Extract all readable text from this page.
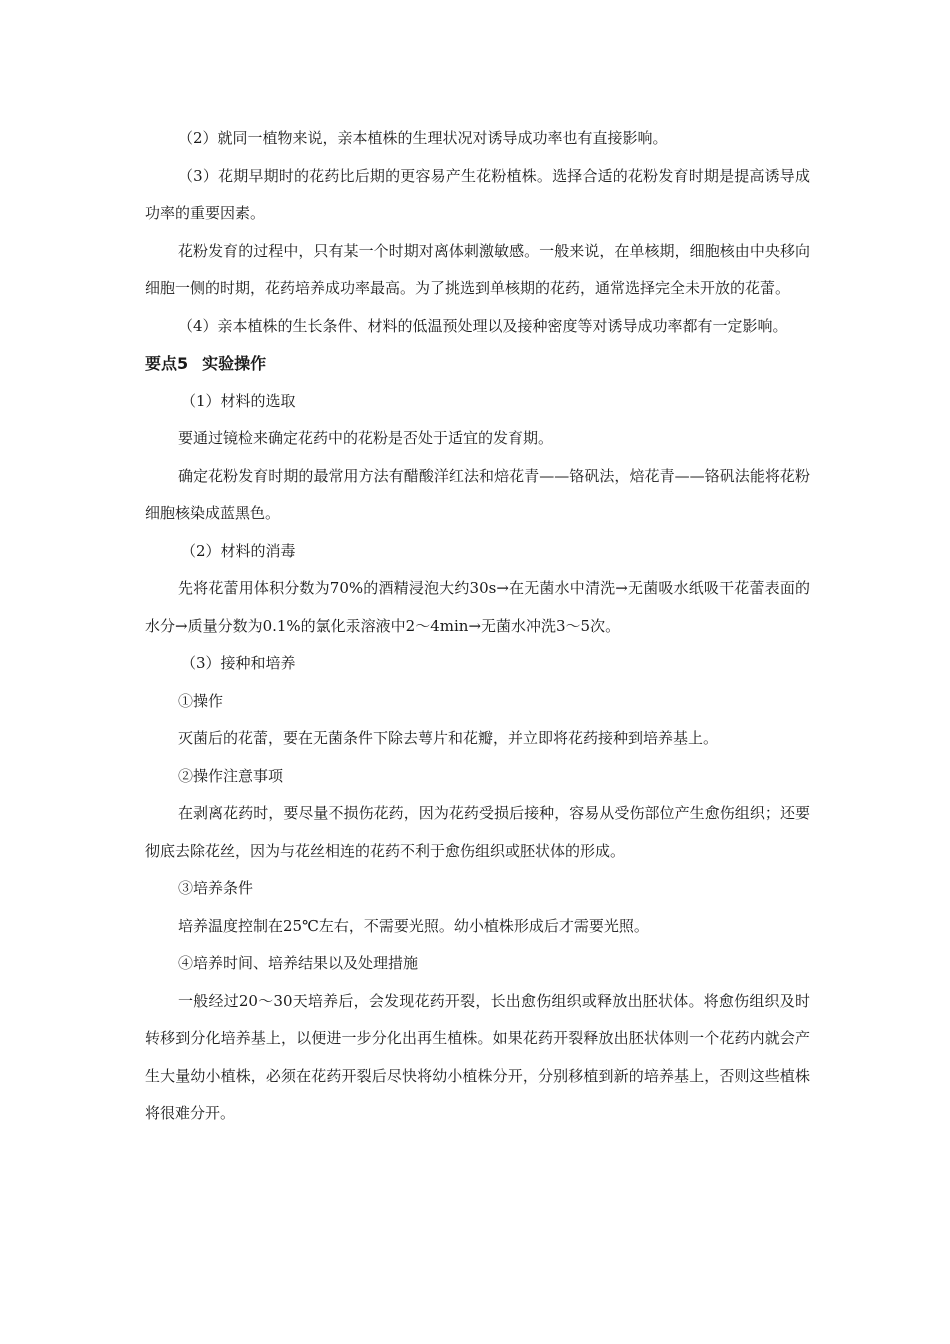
（2）就同一植物来说，亲本植株的生理状况对诱导成功率也有直接影响。

（3）花期早期时的花药比后期的更容易产生花粉植株。选择合适的花粉发育时期是提高诱导成功率的重要因素。

花粉发育的过程中，只有某一个时期对离体刺激敏感。一般来说，在单核期，细胞核由中央移向细胞一侧的时期，花药培养成功率最高。为了挑选到单核期的花药，通常选择完全未开放的花蕾。

（4）亲本植株的生长条件、材料的低温预处理以及接种密度等对诱导成功率都有一定影响。

要点5 实验操作

（1）材料的选取

要通过镜检来确定花药中的花粉是否处于适宜的发育期。

确定花粉发育时期的最常用方法有醋酸洋红法和焙花青——铬矾法，焙花青——铬矾法能将花粉细胞核染成蓝黑色。

（2）材料的消毒

先将花蕾用体积分数为70%的酒精浸泡大约30s→在无菌水中清洗→无菌吸水纸吸干花蕾表面的水分→质量分数为0.1%的氯化汞溶液中2～4min→无菌水冲洗3～5次。

（3）接种和培养

①操作

灭菌后的花蕾，要在无菌条件下除去萼片和花瓣，并立即将花药接种到培养基上。

②操作注意事项

在剥离花药时，要尽量不损伤花药，因为花药受损后接种，容易从受伤部位产生愈伤组织；还要彻底去除花丝，因为与花丝相连的花药不利于愈伤组织或胚状体的形成。

③培养条件

培养温度控制在25℃左右，不需要光照。幼小植株形成后才需要光照。

④培养时间、培养结果以及处理措施

一般经过20～30天培养后，会发现花药开裂，长出愈伤组织或释放出胚状体。将愈伤组织及时转移到分化培养基上，以便进一步分化出再生植株。如果花药开裂释放出胚状体则一个花药内就会产生大量幼小植株，必须在花药开裂后尽快将幼小植株分开，分别移植到新的培养基上，否则这些植株将很难分开。
